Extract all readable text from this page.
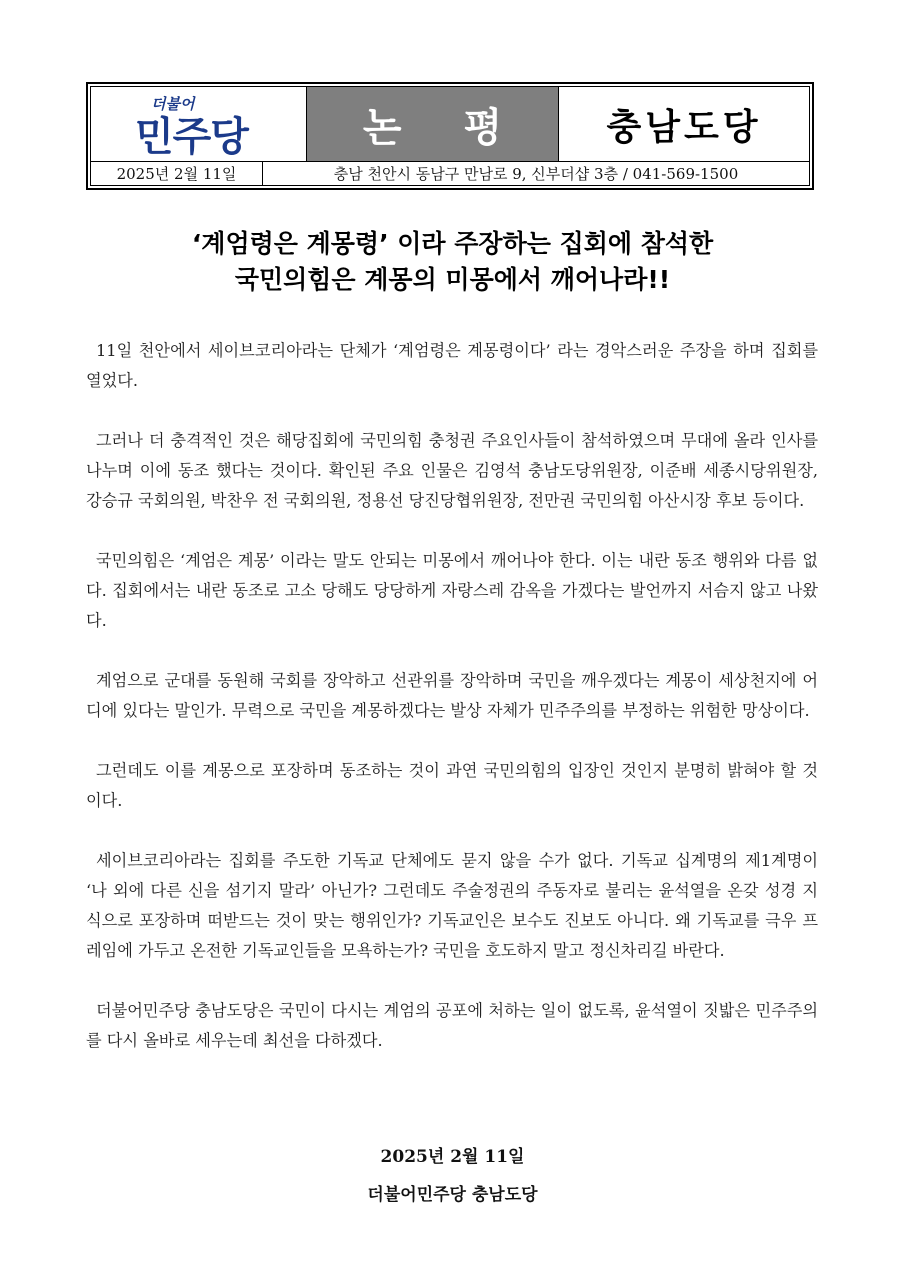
더불어
민주당	논 평 충남도당
2025년 2월 11일	충남 천안시 동남구 만남로 9, 신부더샵 3층 / 041-569-1500
‘계엄령은 계몽령’ 이라 주장하는 집회에 참석한
국민의힘은 계몽의 미몽에서 깨어나라!!

11일 천안에서 세이브코리아라는 단체가 ‘계엄령은 계몽령이다’ 라는 경악스러운 주장을 하며 집회를 열었다.

그러나 더 충격적인 것은 해당집회에 국민의힘 충청권 주요인사들이 참석하였으며 무대에 올라 인사를 나누며 이에 동조 했다는 것이다. 확인된 주요 인물은 김영석 충남도당위원장, 이준배 세종시당위원장, 강승규 국회의원, 박찬우 전 국회의원, 정용선 당진당협위원장, 전만권 국민의힘 아산시장 후보 등이다.

국민의힘은 ‘계엄은 계몽’ 이라는 말도 안되는 미몽에서 깨어나야 한다. 이는 내란 동조 행위와 다름 없다. 집회에서는 내란 동조로 고소 당해도 당당하게 자랑스레 감옥을 가겠다는 발언까지 서슴지 않고 나왔다.

계엄으로 군대를 동원해 국회를 장악하고 선관위를 장악하며 국민을 깨우겠다는 계몽이 세상천지에 어디에 있다는 말인가. 무력으로 국민을 계몽하겠다는 발상 자체가 민주주의를 부정하는 위험한 망상이다.

그런데도 이를 계몽으로 포장하며 동조하는 것이 과연 국민의힘의 입장인 것인지 분명히 밝혀야 할 것이다.

세이브코리아라는 집회를 주도한 기독교 단체에도 묻지 않을 수가 없다. 기독교 십계명의 제1계명이 ‘나 외에 다른 신을 섬기지 말라’ 아닌가? 그런데도 주술정권의 주동자로 불리는 윤석열을 온갖 성경 지식으로 포장하며 떠받드는 것이 맞는 행위인가? 기독교인은 보수도 진보도 아니다. 왜 기독교를 극우 프레임에 가두고 온전한 기독교인들을 모욕하는가? 국민을 호도하지 말고 정신차리길 바란다.

더불어민주당 충남도당은 국민이 다시는 계엄의 공포에 처하는 일이 없도록, 윤석열이 짓밟은 민주주의를 다시 올바로 세우는데 최선을 다하겠다.

2025년 2월 11일
더불어민주당 충남도당
